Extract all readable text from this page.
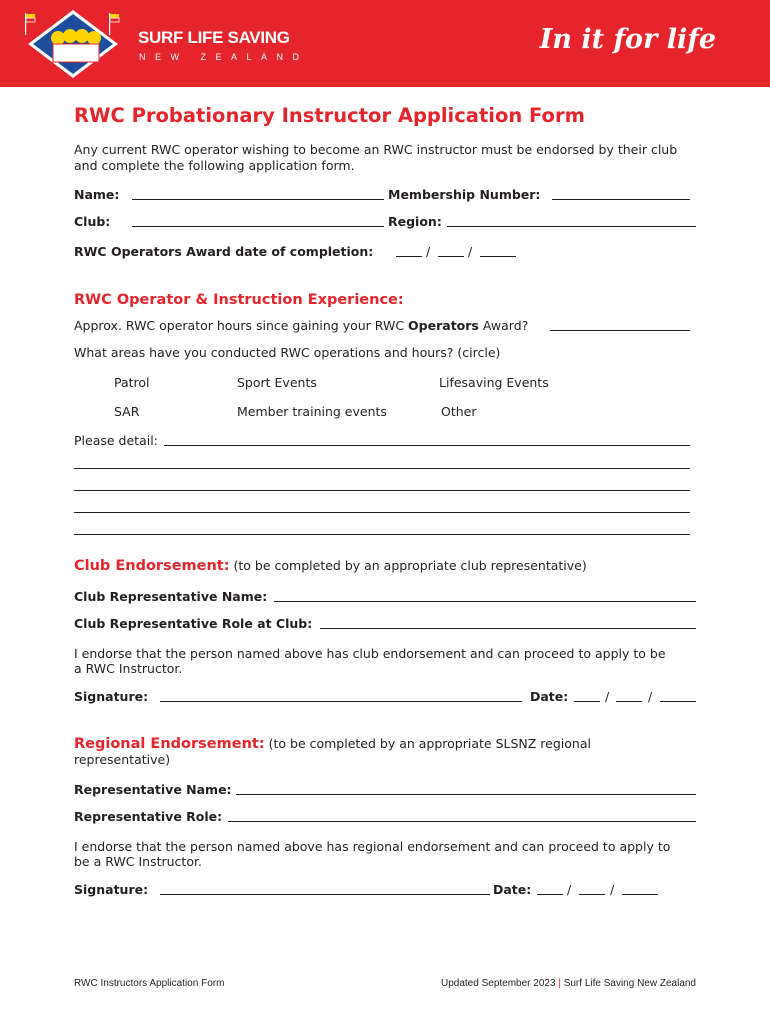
SURF LIFE SAVING
NEW ZEALAND
In it for life
RWC Probationary Instructor Application Form
Any current RWC operator wishing to become an RWC instructor must be endorsed by their club
and complete the following application form.
Name:	Membership Number:
Club:	Region:
RWC Operators Award date of completion:	/	/
RWC Operator & Instruction Experience:
Approx. RWC operator hours since gaining your RWC Operators Award?
What areas have you conducted RWC operations and hours? (circle)
Patrol	Sport Events	Lifesaving Events
SAR	Member training events	Other
Please detail:
Club Endorsement: (to be completed by an appropriate club representative)
Club Representative Name:
Club Representative Role at Club:
I endorse that the person named above has club endorsement and can proceed to apply to be
a RWC Instructor.
Signature:	Date:	/	/
Regional Endorsement: (to be completed by an appropriate SLSNZ regional
representative)
Representative Name:
Representative Role:
I endorse that the person named above has regional endorsement and can proceed to apply to
be a RWC Instructor.
Signature:	Date:	/	/
RWC Instructors Application Form	Updated September 2023 | Surf Life Saving New Zealand
